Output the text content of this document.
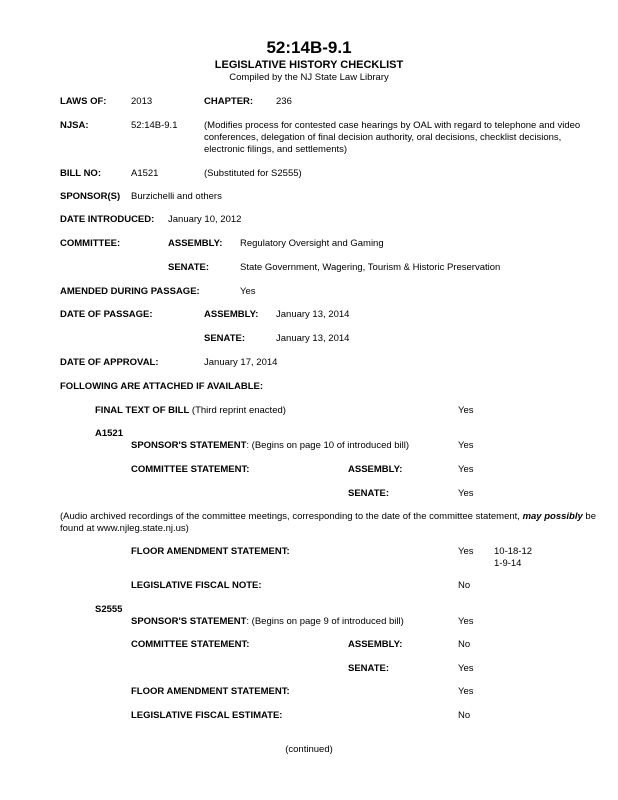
52:14B-9.1
LEGISLATIVE HISTORY CHECKLIST
Compiled by the NJ State Law Library
LAWS OF:	2013	CHAPTER: 236
NJSA:	52:14B-9.1	(Modifies process for contested case hearings by OAL with regard to telephone and video conferences, delegation of final decision authority, oral decisions, checklist decisions, electronic filings, and settlements)
BILL NO:	A1521	(Substituted for S2555)
SPONSOR(S) Burzichelli and others
DATE INTRODUCED: January 10, 2012
COMMITTEE:	ASSEMBLY: Regulatory Oversight and Gaming
SENATE:	State Government, Wagering, Tourism & Historic Preservation
AMENDED DURING PASSAGE:	Yes
DATE OF PASSAGE:	ASSEMBLY: January 13, 2014
SENATE:	January 13, 2014
DATE OF APPROVAL:	January 17, 2014
FOLLOWING ARE ATTACHED IF AVAILABLE:
FINAL TEXT OF BILL (Third reprint enacted)	Yes
A1521
SPONSOR'S STATEMENT: (Begins on page 10 of introduced bill)	Yes
COMMITTEE STATEMENT:	ASSEMBLY:	Yes
SENATE:	Yes
(Audio archived recordings of the committee meetings, corresponding to the date of the committee statement, may possibly be found at www.njleg.state.nj.us)
FLOOR AMENDMENT STATEMENT:	Yes 10-18-12
1-9-14
LEGISLATIVE FISCAL NOTE:	No
S2555
SPONSOR'S STATEMENT: (Begins on page 9 of introduced bill)	Yes
COMMITTEE STATEMENT:	ASSEMBLY:	No
SENATE:	Yes
FLOOR AMENDMENT STATEMENT:	Yes
LEGISLATIVE FISCAL ESTIMATE:	No
(continued)
